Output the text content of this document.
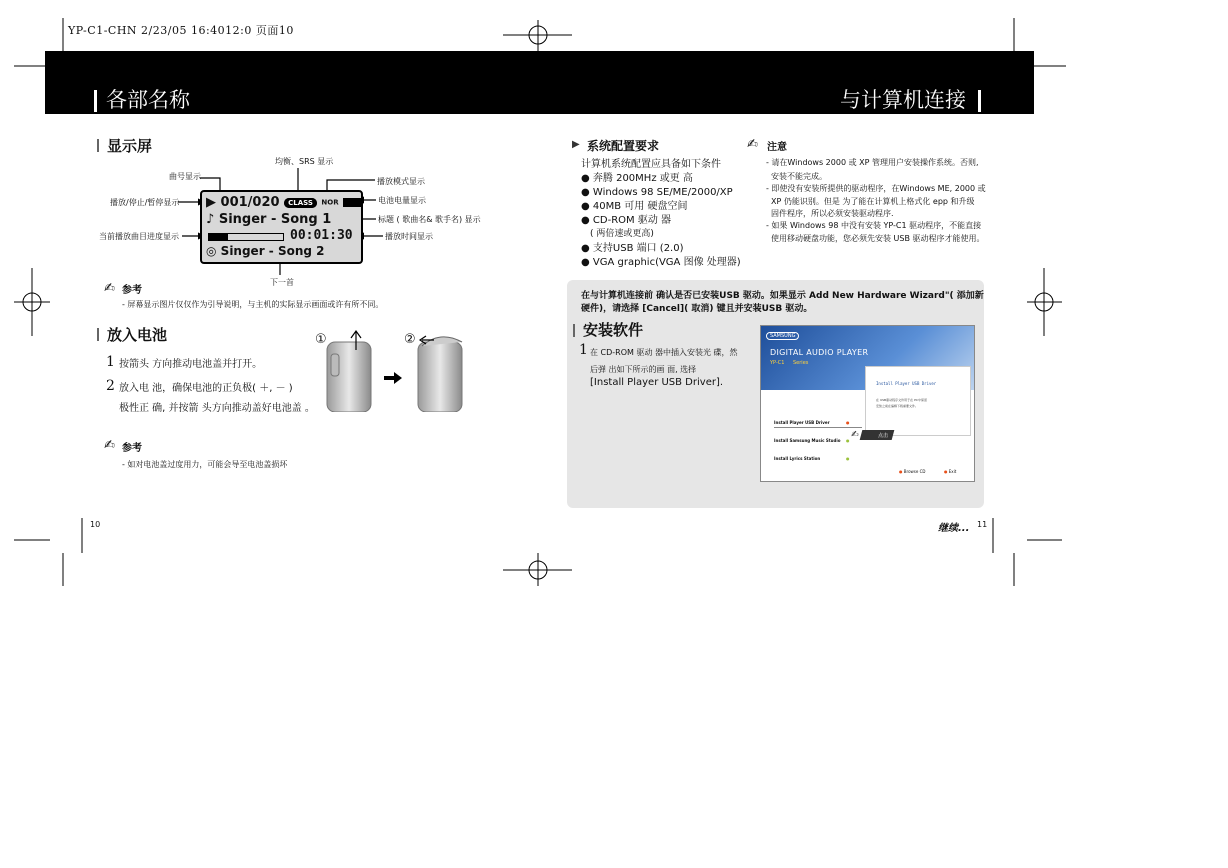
YP-C1-CHN 2/23/05 16:4012:0 页面10
各部名称	与计算机连接
显示屏
均衡、SRS 显示
曲号显示
播放模式显示
播放/停止/暂停显示	电池电量显示
标题 ( 歌曲名& 歌手名) 显示
当前播放曲目进度显示	播放时间显示
下一首
▶ 001/020 CLASS NOR
♪ Singer - Song 1
00:01:30
◎ Singer - Song 2
✍ 参考
- 屏幕显示图片仅仅作为引导说明，与主机的实际显示画面或许有所不同。
放入电池
1 按箭头 方向推动电池盖并打开。
2 放入电 池，确保电池的正负极( ＋, － )
极性正 确, 并按箭 头方向推动盖好电池盖 。
①	②
✍ 参考
- 如对电池盖过度用力，可能会导至电池盖损坏
10
▶ 系统配置要求
计算机系统配置应具备如下条件
● 奔腾 200MHz 或更 高
● Windows 98 SE/ME/2000/XP
● 40MB 可用 硬盘空间
● CD-ROM 驱动 器
● 支持USB 端口 (2.0)
● VGA graphic(VGA 图像 处理器)
( 两倍速或更高)
✍ 注意
- 请在Windows 2000 或 XP 管理用户安装操作系统。否则,
安装不能完成。
- 即使没有安装所提供的驱动程序，在Windows ME, 2000 或
XP 仍能识别。但是 为了能在计算机上格式化 epp 和升级
固件程序，所以必须安装驱动程序.
- 如果 Windows 98 中没有安装 YP-C1 驱动程序，不能直接
使用移动硬盘功能，您必须先安装 USB 驱动程序才能使用。
在与计算机连接前 确认是否已安装USB 驱动。如果显示 Add New Hardware Wizard"( 添加新
硬件)，请选择 [Cancel]( 取消) 键且并安装USB 驱动。
安装软件
1 在 CD-ROM 驱动 器中插入安装光 碟，然
后弹 出如下所示的画 面, 选择
[Install Player USB Driver].
SAMSUNG
DIGITAL AUDIO PLAYER
YP-C1 Series
Install Player USB Driver
在 USB驱动程序文件用于在 PC中保留
安装之前在编辑下载重要文件。
Install Player USB Driver	●
Install Samsung Music Studio ●
Install Lyrics Station	●
✍	点击
● Browse CD	● Exit
继续... 11
